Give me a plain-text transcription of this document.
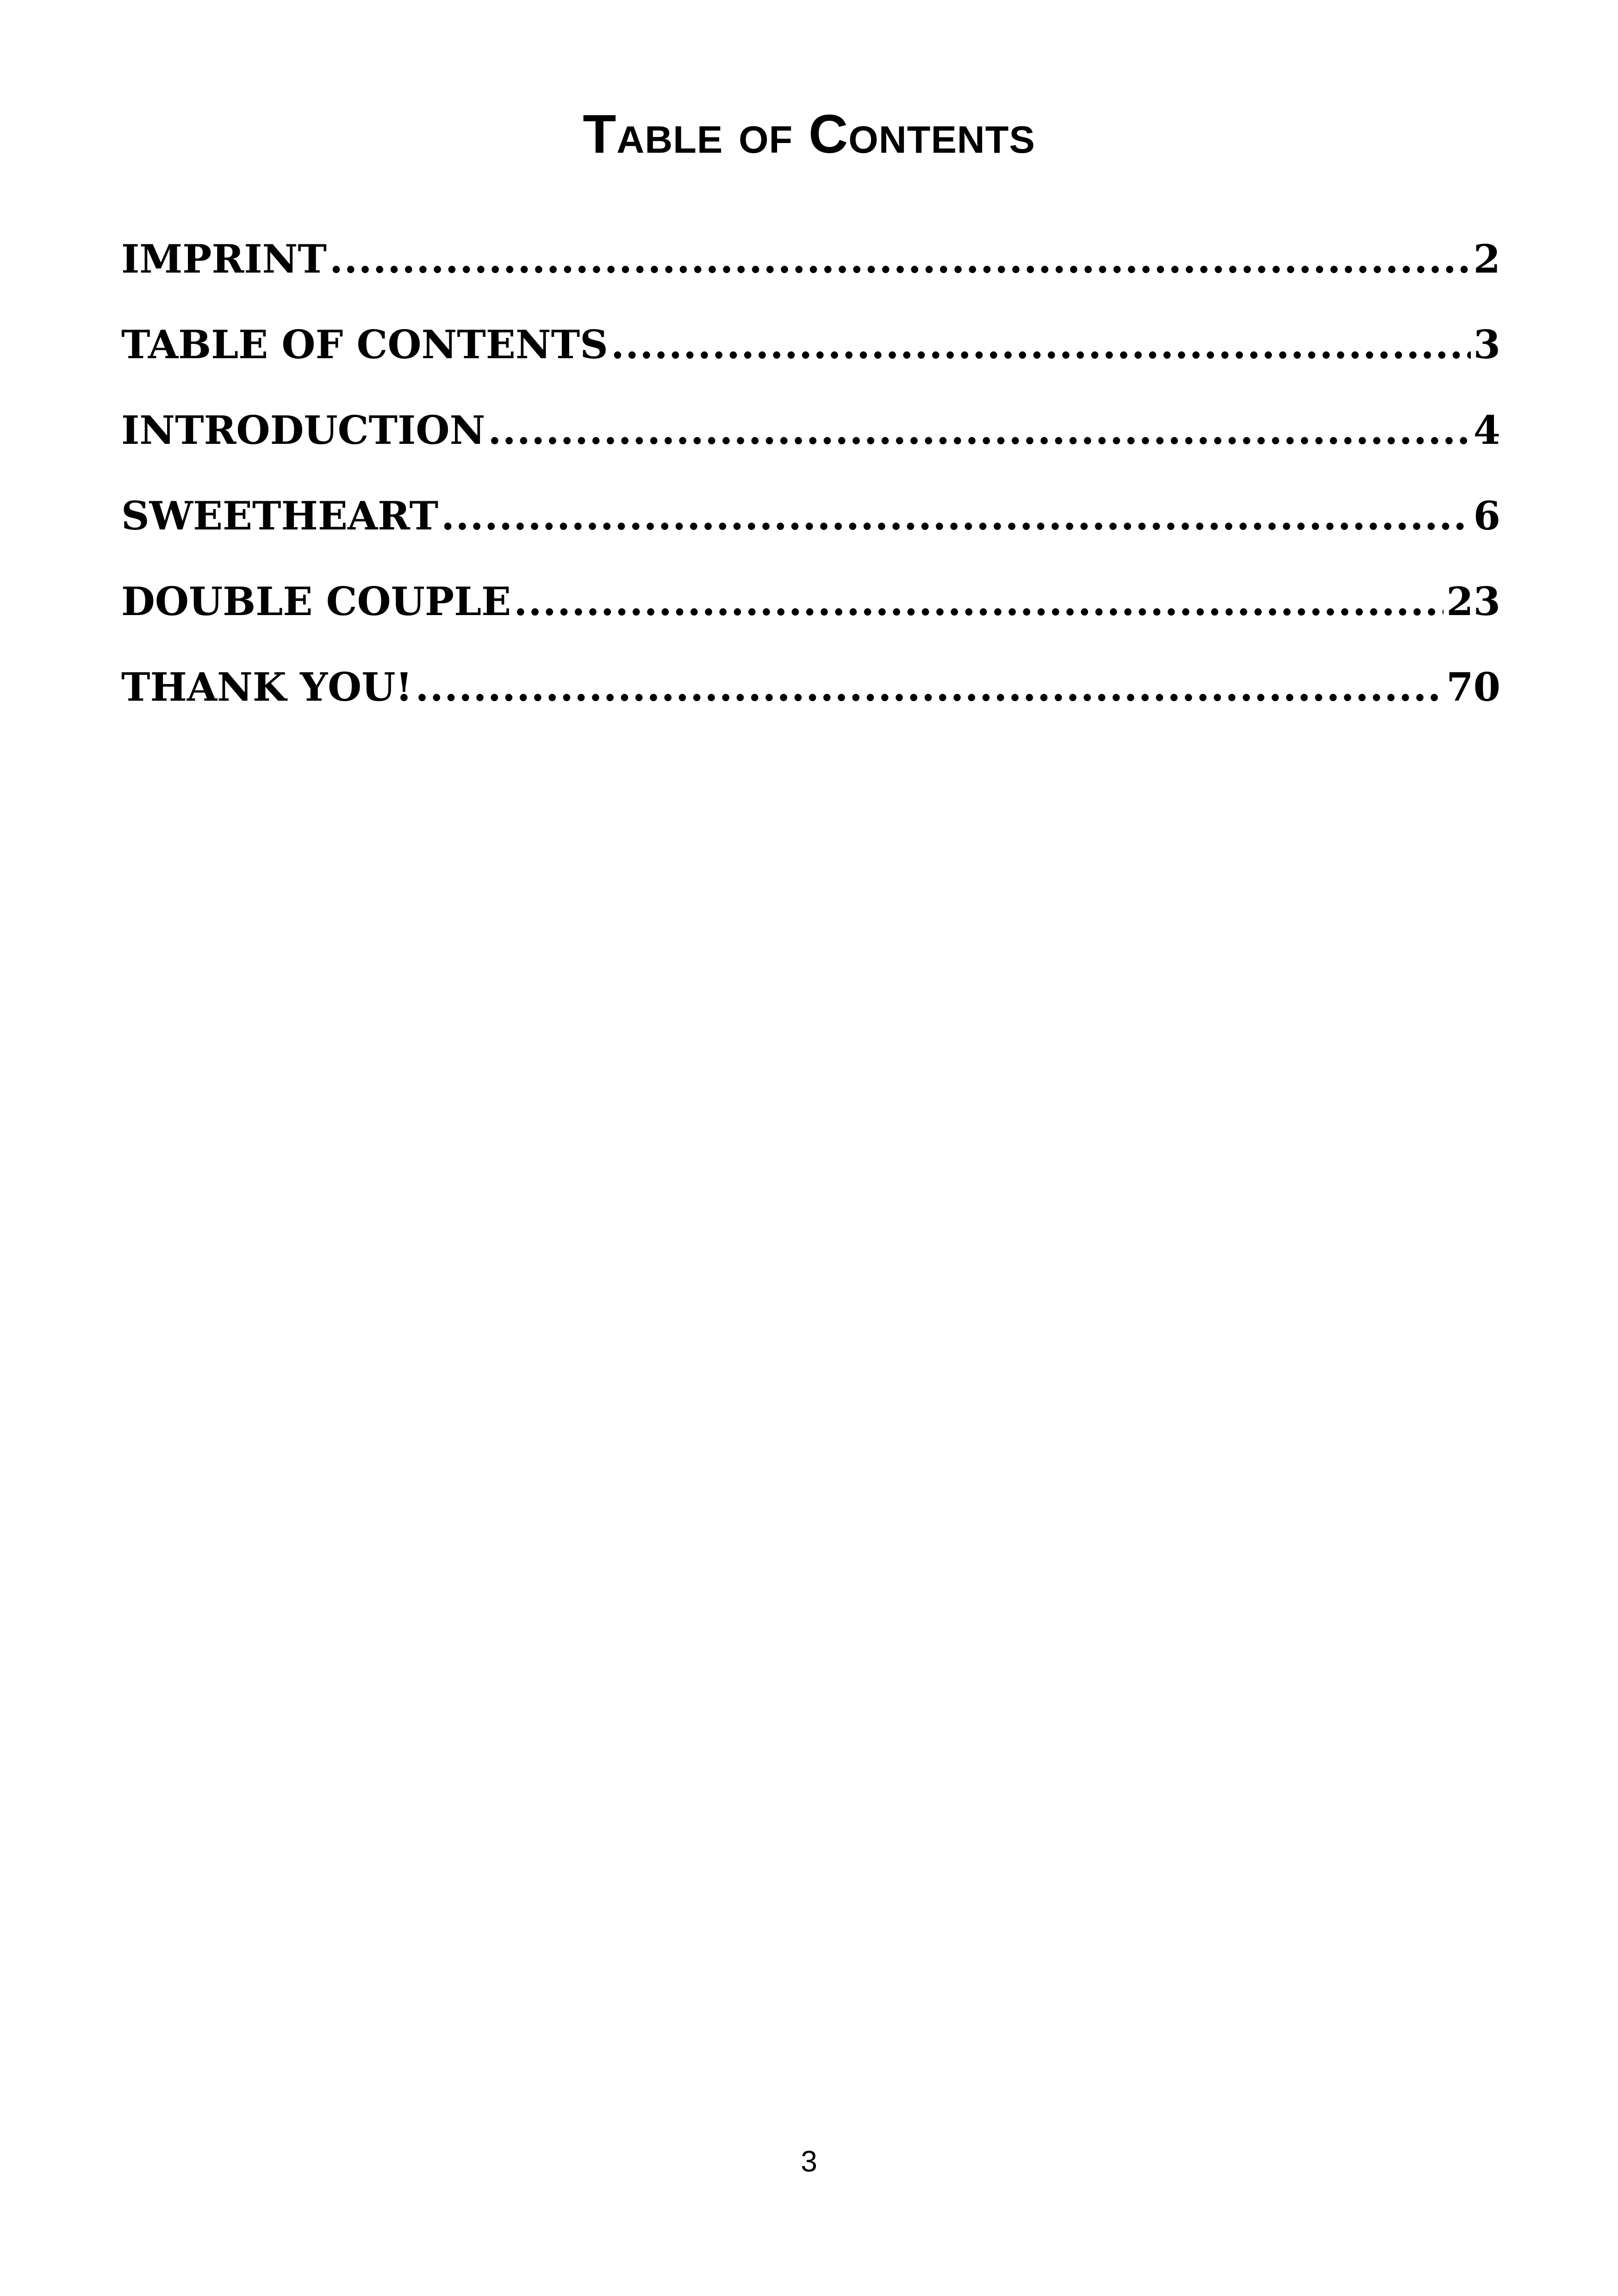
Table of Contents
IMPRINT .....	2
TABLE OF CONTENTS .....	3
INTRODUCTION .....	4
SWEETHEART .....	6
DOUBLE COUPLE .....	23
THANK YOU! .....	70

3
